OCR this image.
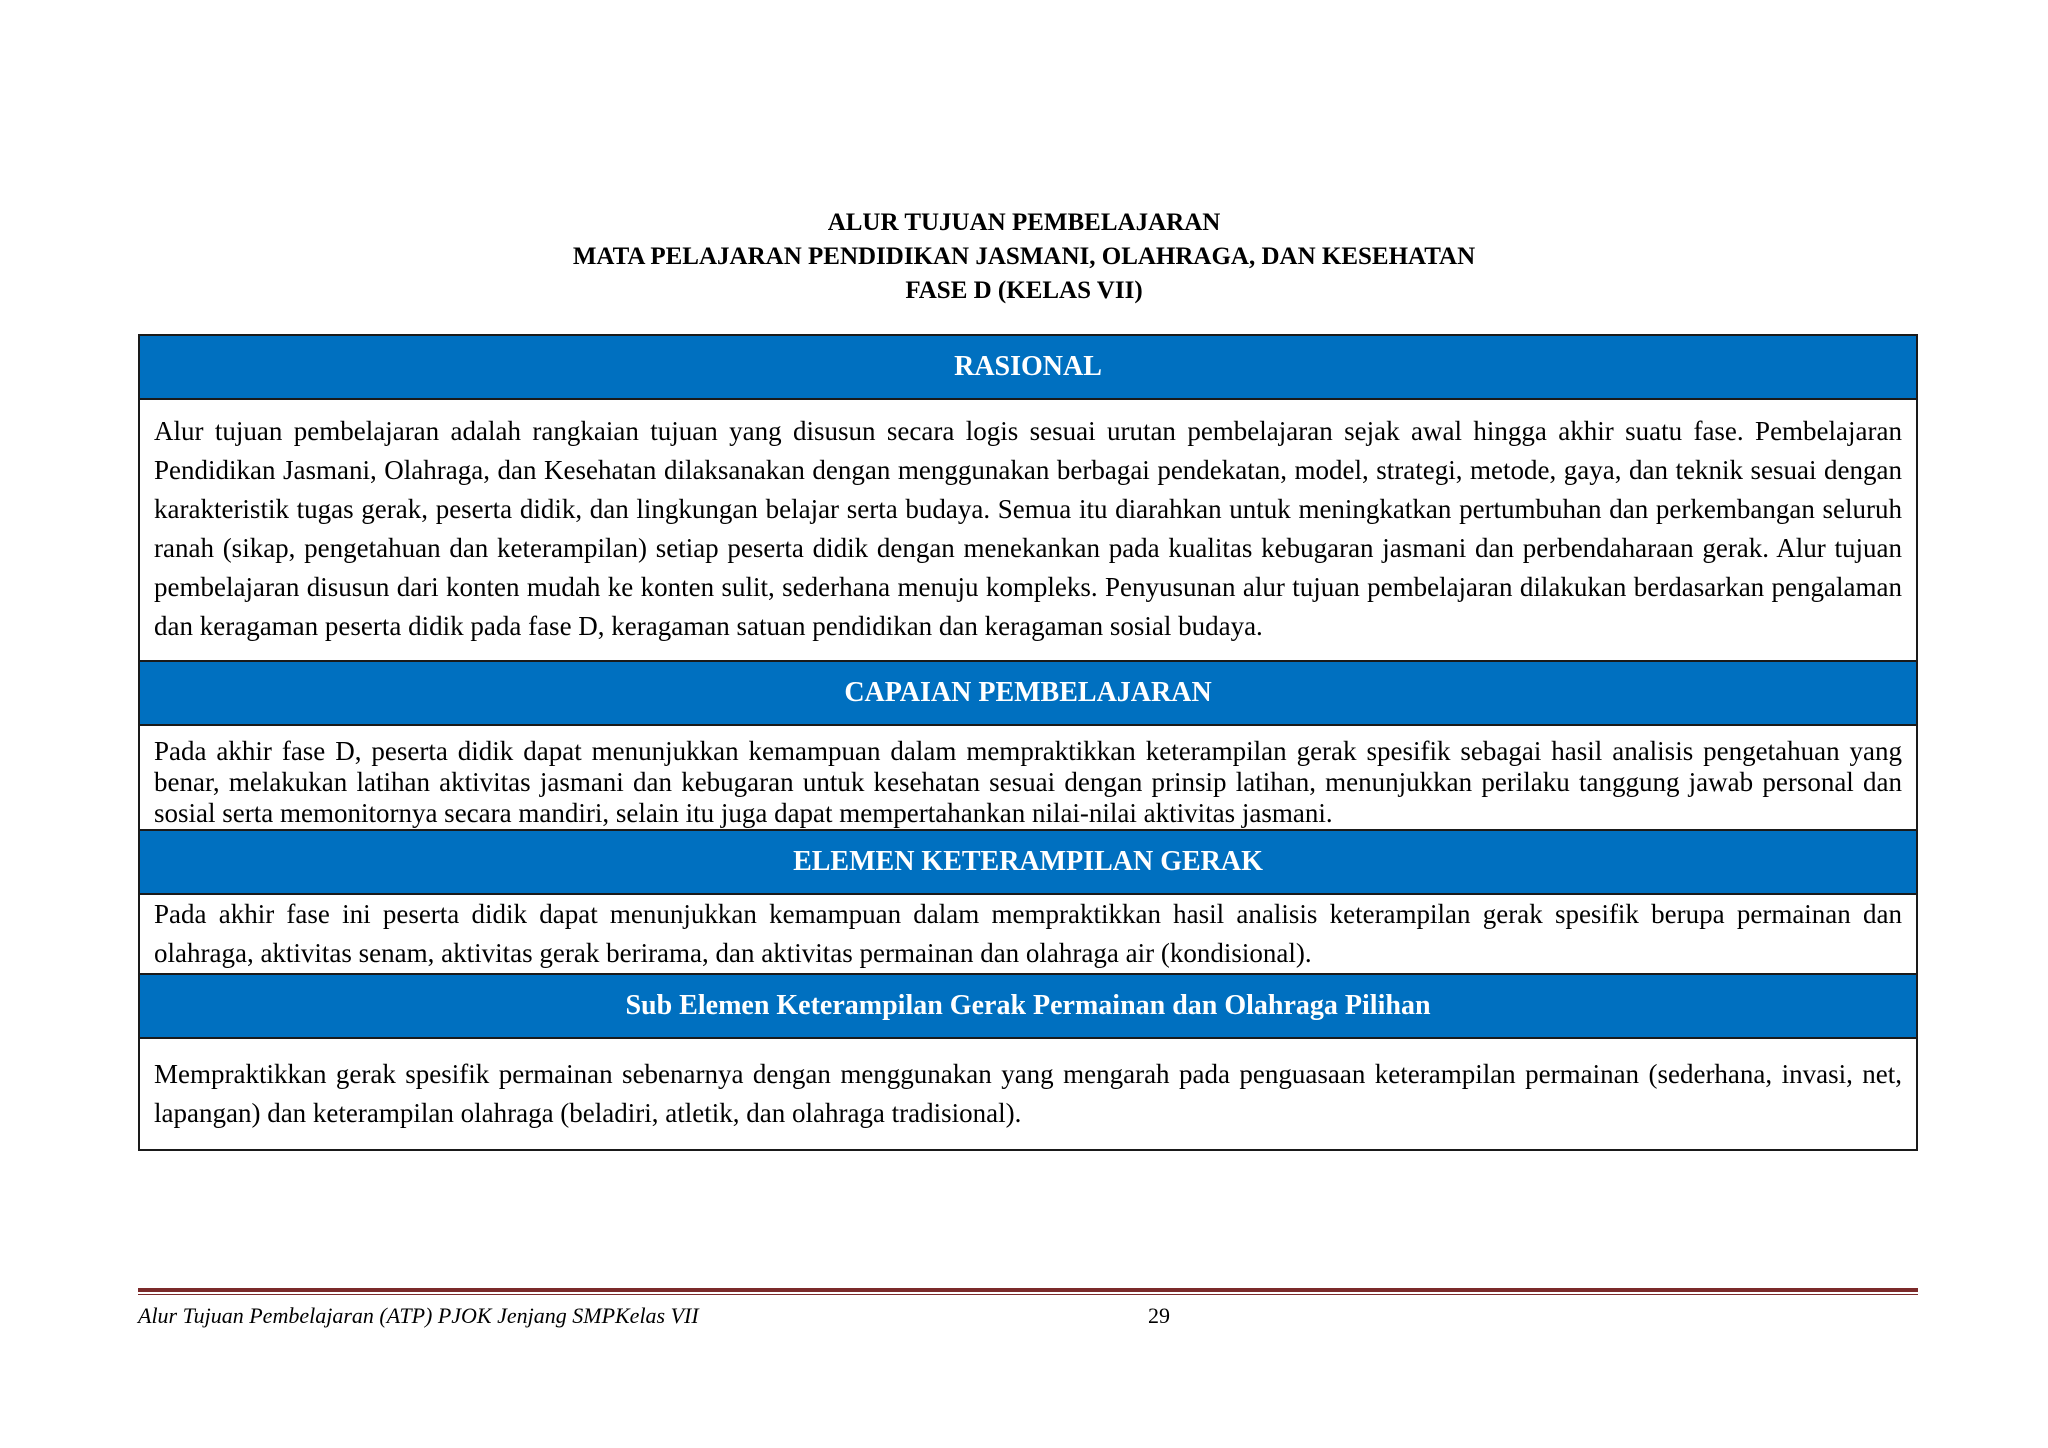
ALUR TUJUAN PEMBELAJARAN
MATA PELAJARAN PENDIDIKAN JASMANI, OLAHRAGA, DAN KESEHATAN
FASE D (KELAS VII)
RASIONAL
Alur tujuan pembelajaran adalah rangkaian tujuan yang disusun secara logis sesuai urutan pembelajaran sejak awal hingga akhir suatu fase. Pembelajaran Pendidikan Jasmani, Olahraga, dan Kesehatan dilaksanakan dengan menggunakan berbagai pendekatan, model, strategi, metode, gaya, dan teknik sesuai dengan karakteristik tugas gerak, peserta didik, dan lingkungan belajar serta budaya. Semua itu diarahkan untuk meningkatkan pertumbuhan dan perkembangan seluruh ranah (sikap, pengetahuan dan keterampilan) setiap peserta didik dengan menekankan pada kualitas kebugaran jasmani dan perbendaharaan gerak. Alur tujuan pembelajaran disusun dari konten mudah ke konten sulit, sederhana menuju kompleks. Penyusunan alur tujuan pembelajaran dilakukan berdasarkan pengalaman dan keragaman peserta didik pada fase D, keragaman satuan pendidikan dan keragaman sosial budaya.
CAPAIAN PEMBELAJARAN
Pada akhir fase D, peserta didik dapat menunjukkan kemampuan dalam mempraktikkan keterampilan gerak spesifik sebagai hasil analisis pengetahuan yang benar, melakukan latihan aktivitas jasmani dan kebugaran untuk kesehatan sesuai dengan prinsip latihan, menunjukkan perilaku tanggung jawab personal dan sosial serta memonitornya secara mandiri, selain itu juga dapat mempertahankan nilai-nilai aktivitas jasmani.
ELEMEN KETERAMPILAN GERAK
Pada akhir fase ini peserta didik dapat menunjukkan kemampuan dalam mempraktikkan hasil analisis keterampilan gerak spesifik berupa permainan dan olahraga, aktivitas senam, aktivitas gerak berirama, dan aktivitas permainan dan olahraga air (kondisional).
Sub Elemen Keterampilan Gerak Permainan dan Olahraga Pilihan
Mempraktikkan gerak spesifik permainan sebenarnya dengan menggunakan yang mengarah pada penguasaan keterampilan permainan (sederhana, invasi, net, lapangan) dan keterampilan olahraga (beladiri, atletik, dan olahraga tradisional).
Alur Tujuan Pembelajaran (ATP) PJOK Jenjang SMPKelas VII	29
